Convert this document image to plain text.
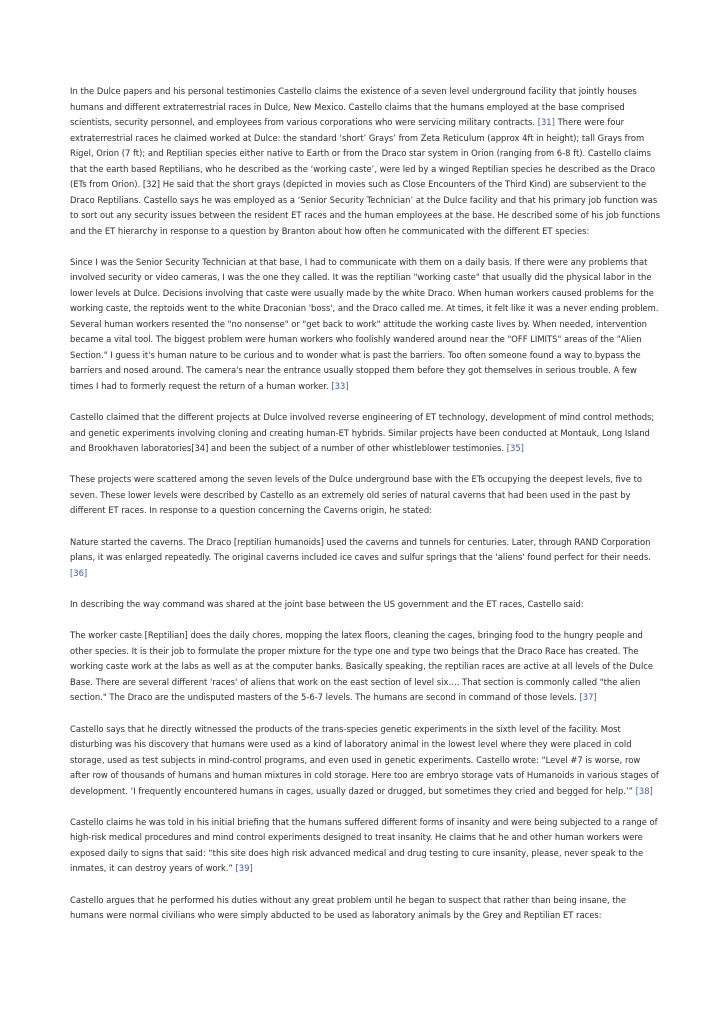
In the Dulce papers and his personal testimonies Castello claims the existence of a seven level underground facility that jointly houses humans and different extraterrestrial races in Dulce, New Mexico. Castello claims that the humans employed at the base comprised scientists, security personnel, and employees from various corporations who were servicing military contracts. [31] There were four extraterrestrial races he claimed worked at Dulce: the standard ‘short’ Grays’ from Zeta Reticulum (approx 4ft in height); tall Grays from Rigel, Orion (7 ft); and Reptilian species either native to Earth or from the Draco star system in Orion (ranging from 6-8 ft). Castello claims that the earth based Reptilians, who he described as the ‘working caste’, were led by a winged Reptilian species he described as the Draco (ETs from Orion). [32] He said that the short grays (depicted in movies such as Close Encounters of the Third Kind) are subservient to the Draco Reptilians. Castello says he was employed as a ‘Senior Security Technician’ at the Dulce facility and that his primary job function was to sort out any security issues between the resident ET races and the human employees at the base. He described some of his job functions and the ET hierarchy in response to a question by Branton about how often he communicated with the different ET species:

Since I was the Senior Security Technician at that base, I had to communicate with them on a daily basis. If there were any problems that involved security or video cameras, I was the one they called. It was the reptilian "working caste" that usually did the physical labor in the lower levels at Dulce. Decisions involving that caste were usually made by the white Draco. When human workers caused problems for the working caste, the reptoids went to the white Draconian 'boss', and the Draco called me. At times, it felt like it was a never ending problem. Several human workers resented the "no nonsense" or "get back to work" attitude the working caste lives by. When needed, intervention became a vital tool. The biggest problem were human workers who foolishly wandered around near the "OFF LIMITS" areas of the "Alien Section." I guess it's human nature to be curious and to wonder what is past the barriers. Too often someone found a way to bypass the barriers and nosed around. The camera's near the entrance usually stopped them before they got themselves in serious trouble. A few times I had to formerly request the return of a human worker. [33]

Castello claimed that the different projects at Dulce involved reverse engineering of ET technology, development of mind control methods; and genetic experiments involving cloning and creating human-ET hybrids. Similar projects have been conducted at Montauk, Long Island and Brookhaven laboratories[34] and been the subject of a number of other whistleblower testimonies. [35]

These projects were scattered among the seven levels of the Dulce underground base with the ETs occupying the deepest levels, five to seven. These lower levels were described by Castello as an extremely old series of natural caverns that had been used in the past by different ET races. In response to a question concerning the Caverns origin, he stated:

Nature started the caverns. The Draco [reptilian humanoids] used the caverns and tunnels for centuries. Later, through RAND Corporation plans, it was enlarged repeatedly. The original caverns included ice caves and sulfur springs that the 'aliens' found perfect for their needs. [36]

In describing the way command was shared at the joint base between the US government and the ET races, Castello said:

The worker caste [Reptilian] does the daily chores, mopping the latex floors, cleaning the cages, bringing food to the hungry people and other species. It is their job to formulate the proper mixture for the type one and type two beings that the Draco Race has created. The working caste work at the labs as well as at the computer banks. Basically speaking, the reptilian races are active at all levels of the Dulce Base. There are several different 'races' of aliens that work on the east section of level six…. That section is commonly called "the alien section." The Draco are the undisputed masters of the 5-6-7 levels. The humans are second in command of those levels. [37]

Castello says that he directly witnessed the products of the trans-species genetic experiments in the sixth level of the facility. Most disturbing was his discovery that humans were used as a kind of laboratory animal in the lowest level where they were placed in cold storage, used as test subjects in mind-control programs, and even used in genetic experiments. Castello wrote: “Level #7 is worse, row after row of thousands of humans and human mixtures in cold storage. Here too are embryo storage vats of Humanoids in various stages of development. ‘I frequently encountered humans in cages, usually dazed or drugged, but sometimes they cried and begged for help.’” [38]

Castello claims he was told in his initial briefing that the humans suffered different forms of insanity and were being subjected to a range of high-risk medical procedures and mind control experiments designed to treat insanity. He claims that he and other human workers were exposed daily to signs that said: “this site does high risk advanced medical and drug testing to cure insanity, please, never speak to the inmates, it can destroy years of work.” [39]

Castello argues that he performed his duties without any great problem until he began to suspect that rather than being insane, the humans were normal civilians who were simply abducted to be used as laboratory animals by the Grey and Reptilian ET races:
